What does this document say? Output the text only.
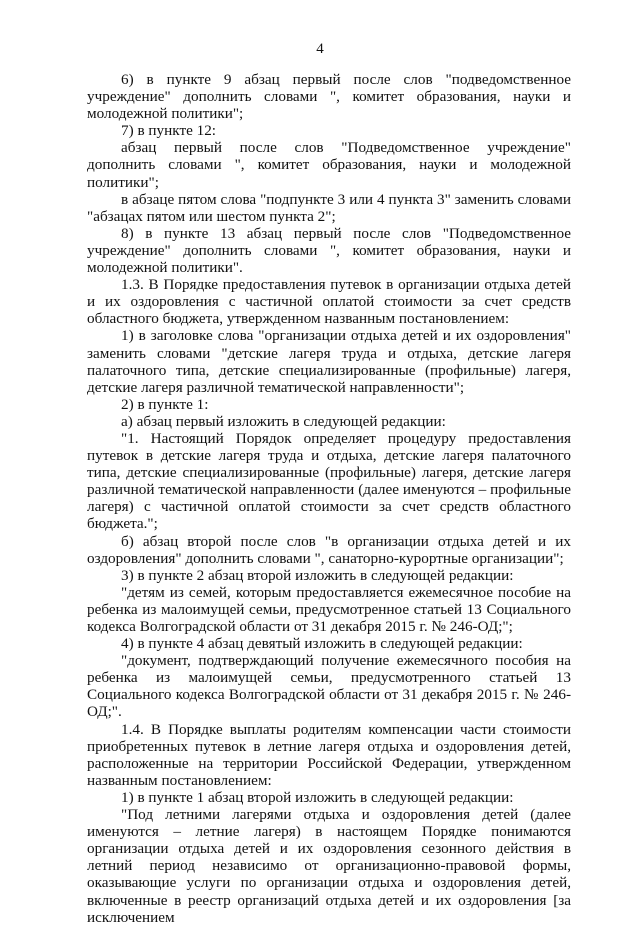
4

6) в пункте 9 абзац первый после слов "подведомственное учреждение" дополнить словами ", комитет образования, науки и молодежной политики";

7) в пункте 12:

абзац первый после слов "Подведомственное учреждение" дополнить словами ", комитет образования, науки и молодежной политики";

в абзаце пятом слова "подпункте 3 или 4 пункта 3" заменить словами "абзацах пятом или шестом пункта 2";

8) в пункте 13 абзац первый после слов "Подведомственное учреждение" дополнить словами ", комитет образования, науки и молодежной политики".

1.3. В Порядке предоставления путевок в организации отдыха детей и их оздоровления с частичной оплатой стоимости за счет средств областного бюджета, утвержденном названным постановлением:

1) в заголовке слова "организации отдыха детей и их оздоровления" заменить словами "детские лагеря труда и отдыха, детские лагеря палаточного типа, детские специализированные (профильные) лагеря, детские лагеря различной тематической направленности";

2) в пункте 1:

а) абзац первый изложить в следующей редакции:

"1. Настоящий Порядок определяет процедуру предоставления путевок в детские лагеря труда и отдыха, детские лагеря палаточного типа, детские специализированные (профильные) лагеря, детские лагеря различной тематической направленности (далее именуются – профильные лагеря) с частичной оплатой стоимости за счет средств областного бюджета.";

б) абзац второй после слов "в организации отдыха детей и их оздоровления" дополнить словами ", санаторно-курортные организации";

3) в пункте 2 абзац второй изложить в следующей редакции:

"детям из семей, которым предоставляется ежемесячное пособие на ребенка из малоимущей семьи, предусмотренное статьей 13 Социального кодекса Волгоградской области от 31 декабря 2015 г. № 246-ОД;";

4) в пункте 4 абзац девятый изложить в следующей редакции:

"документ, подтверждающий получение ежемесячного пособия на ребенка из малоимущей семьи, предусмотренного статьей 13 Социального кодекса Волгоградской области от 31 декабря 2015 г. № 246-ОД;".

1.4. В Порядке выплаты родителям компенсации части стоимости приобретенных путевок в летние лагеря отдыха и оздоровления детей, расположенные на территории Российской Федерации, утвержденном названным постановлением:

1) в пункте 1 абзац второй изложить в следующей редакции:

"Под летними лагерями отдыха и оздоровления детей (далее именуются – летние лагеря) в настоящем Порядке понимаются организации отдыха детей и их оздоровления сезонного действия в летний период независимо от организационно-правовой формы, оказывающие услуги по организации отдыха и оздоровления детей, включенные в реестр организаций отдыха детей и их оздоровления [за исключением
